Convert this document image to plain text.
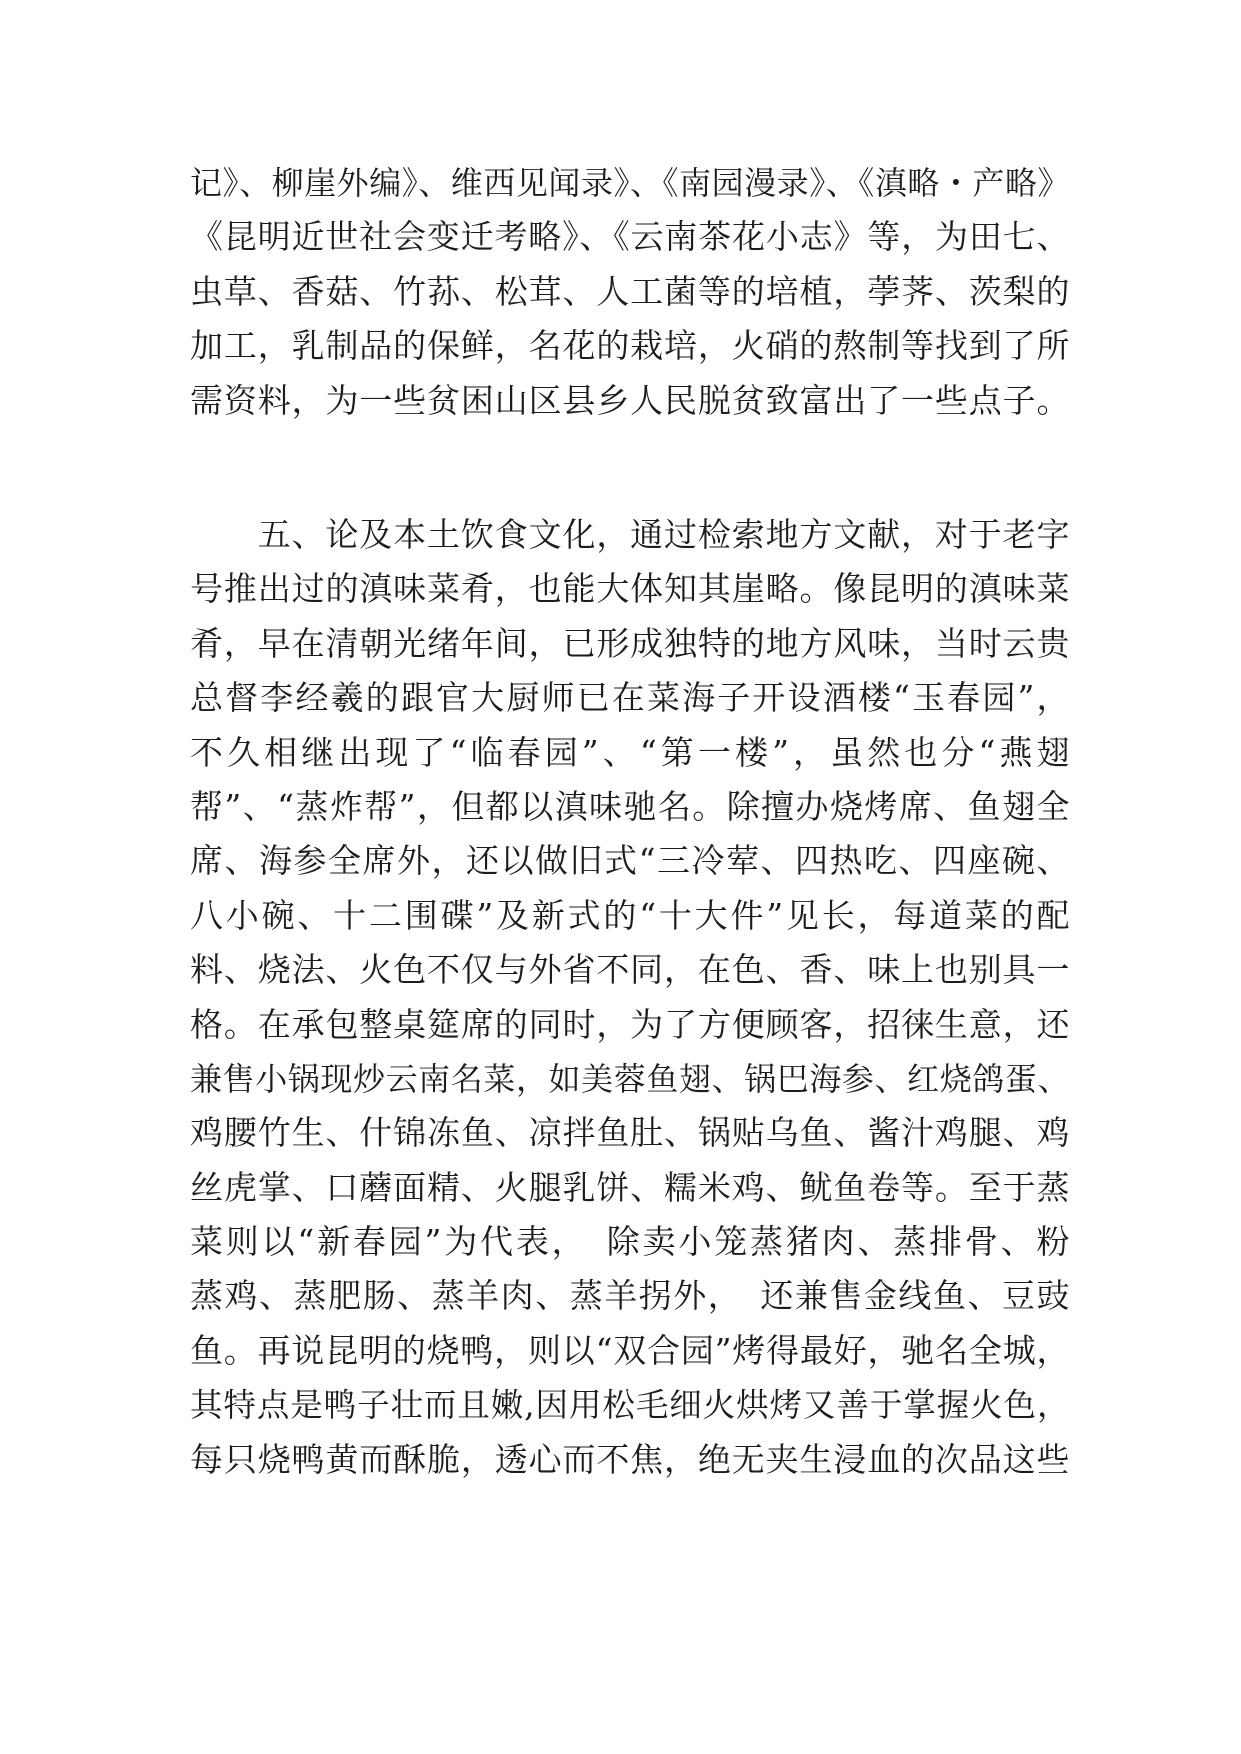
记》、柳崖外编》、维西见闻录》、《南园漫录》、《滇略・产略》
《昆明近世社会变迁考略》、《云南茶花小志》等，为田七、
虫草、香菇、竹荪、松茸、人工菌等的培植，荸荠、茨梨的
加工，乳制品的保鲜，名花的栽培，火硝的熬制等找到了所
需资料，为一些贫困山区县乡人民脱贫致富出了一些点子。
　　五、论及本土饮食文化，通过检索地方文献，对于老字
号推出过的滇味菜肴，也能大体知其崖略。像昆明的滇味菜
肴，早在清朝光绪年间，已形成独特的地方风味，当时云贵
总督李经羲的跟官大厨师已在菜海子开设酒楼“玉春园”，
不久相继出现了“临春园”、“第一楼”，虽然也分“燕翅
帮”、“蒸炸帮”，但都以滇味驰名。除擅办烧烤席、鱼翅全
席、海参全席外，还以做旧式“三冷荤、四热吃、四座碗、
八小碗、十二围碟”及新式的“十大件”见长，每道菜的配
料、烧法、火色不仅与外省不同，在色、香、味上也别具一
格。在承包整桌筵席的同时，为了方便顾客，招徕生意，还
兼售小锅现炒云南名菜，如美蓉鱼翅、锅巴海参、红烧鸽蛋、
鸡腰竹生、什锦冻鱼、凉拌鱼肚、锅贴乌鱼、酱汁鸡腿、鸡
丝虎掌、口蘑面精、火腿乳饼、糯米鸡、鱿鱼卷等。至于蒸
菜则以“新春园”为代表，　除卖小笼蒸猪肉、蒸排骨、粉
蒸鸡、蒸肥肠、蒸羊肉、蒸羊拐外，　还兼售金线鱼、豆豉
鱼。再说昆明的烧鸭，则以“双合园”烤得最好，驰名全城，
其特点是鸭子壮而且嫩,因用松毛细火烘烤又善于掌握火色，
每只烧鸭黄而酥脆，透心而不焦，绝无夹生浸血的次品这些
